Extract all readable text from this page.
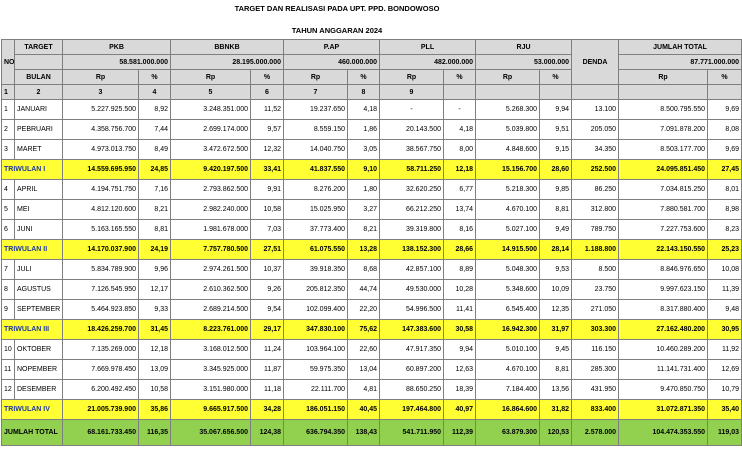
TARGET DAN REALISASI PADA UPT. PPD. BONDOWOSO
TAHUN ANGGARAN 2024
NO	TARGET	PKB		BBNKB		P.AP		PLL		RJU		DENDA	JUMLAH TOTAL	
		58.581.000.000		28.195.000.000		460.000.000		482.000.000		53.000.000			87.771.000.000	
	BULAN	Rp	%	Rp	%	Rp	%	Rp	%	Rp	%		Rp	%
1	2	3	4	5	6	7	8	9						
1	JANUARI	5.227.925.500	8,92	3.248.351.000	11,52	19.237.650	4,18	-	-	5.268.300	9,94	13.100	8.500.795.550	9,69
2	PEBRUARI	4.358.756.700	7,44	2.699.174.000	9,57	8.559.150	1,86	20.143.500	4,18	5.039.800	9,51	205.050	7.091.878.200	8,08
3	MARET	4.973.013.750	8,49	3.472.672.500	12,32	14.040.750	3,05	38.567.750	8,00	4.848.600	9,15	34.350	8.503.177.700	9,69
TRIWULAN I		14.559.695.950	24,85	9.420.197.500	33,41	41.837.550	9,10	58.711.250	12,18	15.156.700	28,60	252.500	24.095.851.450	27,45
4	APRIL	4.194.751.750	7,16	2.793.862.500	9,91	8.276.200	1,80	32.620.250	6,77	5.218.300	9,85	86.250	7.034.815.250	8,01
5	MEI	4.812.120.600	8,21	2.982.240.000	10,58	15.025.950	3,27	66.212.250	13,74	4.670.100	8,81	312.800	7.880.581.700	8,98
6	JUNI	5.163.165.550	8,81	1.981.678.000	7,03	37.773.400	8,21	39.319.800	8,16	5.027.100	9,49	789.750	7.227.753.600	8,23
TRIWULAN II		14.170.037.900	24,19	7.757.780.500	27,51	61.075.550	13,28	138.152.300	28,66	14.915.500	28,14	1.188.800	22.143.150.550	25,23
7	JULI	5.834.789.900	9,96	2.974.261.500	10,37	39.918.350	8,68	42.857.100	8,89	5.048.300	9,53	8.500	8.846.976.650	10,08
8	AGUSTUS	7.126.545.950	12,17	2.610.362.500	9,26	205.812.350	44,74	49.530.000	10,28	5.348.600	10,09	23.750	9.997.623.150	11,39
9	SEPTEMBER	5.464.923.850	9,33	2.689.214.500	9,54	102.099.400	22,20	54.996.500	11,41	6.545.400	12,35	271.050	8.317.880.400	9,48
TRIWULAN III		18.426.259.700	31,45	8.223.761.000	29,17	347.830.100	75,62	147.383.600	30,58	16.942.300	31,97	303.300	27.162.480.200	30,95
10	OKTOBER	7.135.269.000	12,18	3.168.012.500	11,24	103.964.100	22,60	47.917.350	9,94	5.010.100	9,45	116.150	10.460.289.200	11,92
11	NOPEMBER	7.669.978.450	13,09	3.345.925.000	11,87	59.975.350	13,04	60.897.200	12,63	4.670.100	8,81	285.300	11.141.731.400	12,69
12	DESEMBER	6.200.492.450	10,58	3.151.980.000	11,18	22.111.700	4,81	88.650.250	18,39	7.184.400	13,56	431.950	9.470.850.750	10,79
TRIWULAN IV		21.005.739.900	35,86	9.665.917.500	34,28	186.051.150	40,45	197.464.800	40,97	16.864.600	31,82	833.400	31.072.871.350	35,40
JUMLAH TOTAL		68.161.733.450	116,35	35.067.656.500	124,38	636.794.350	138,43	541.711.950	112,39	63.879.300	120,53	2.578.000	104.474.353.550	119,03
